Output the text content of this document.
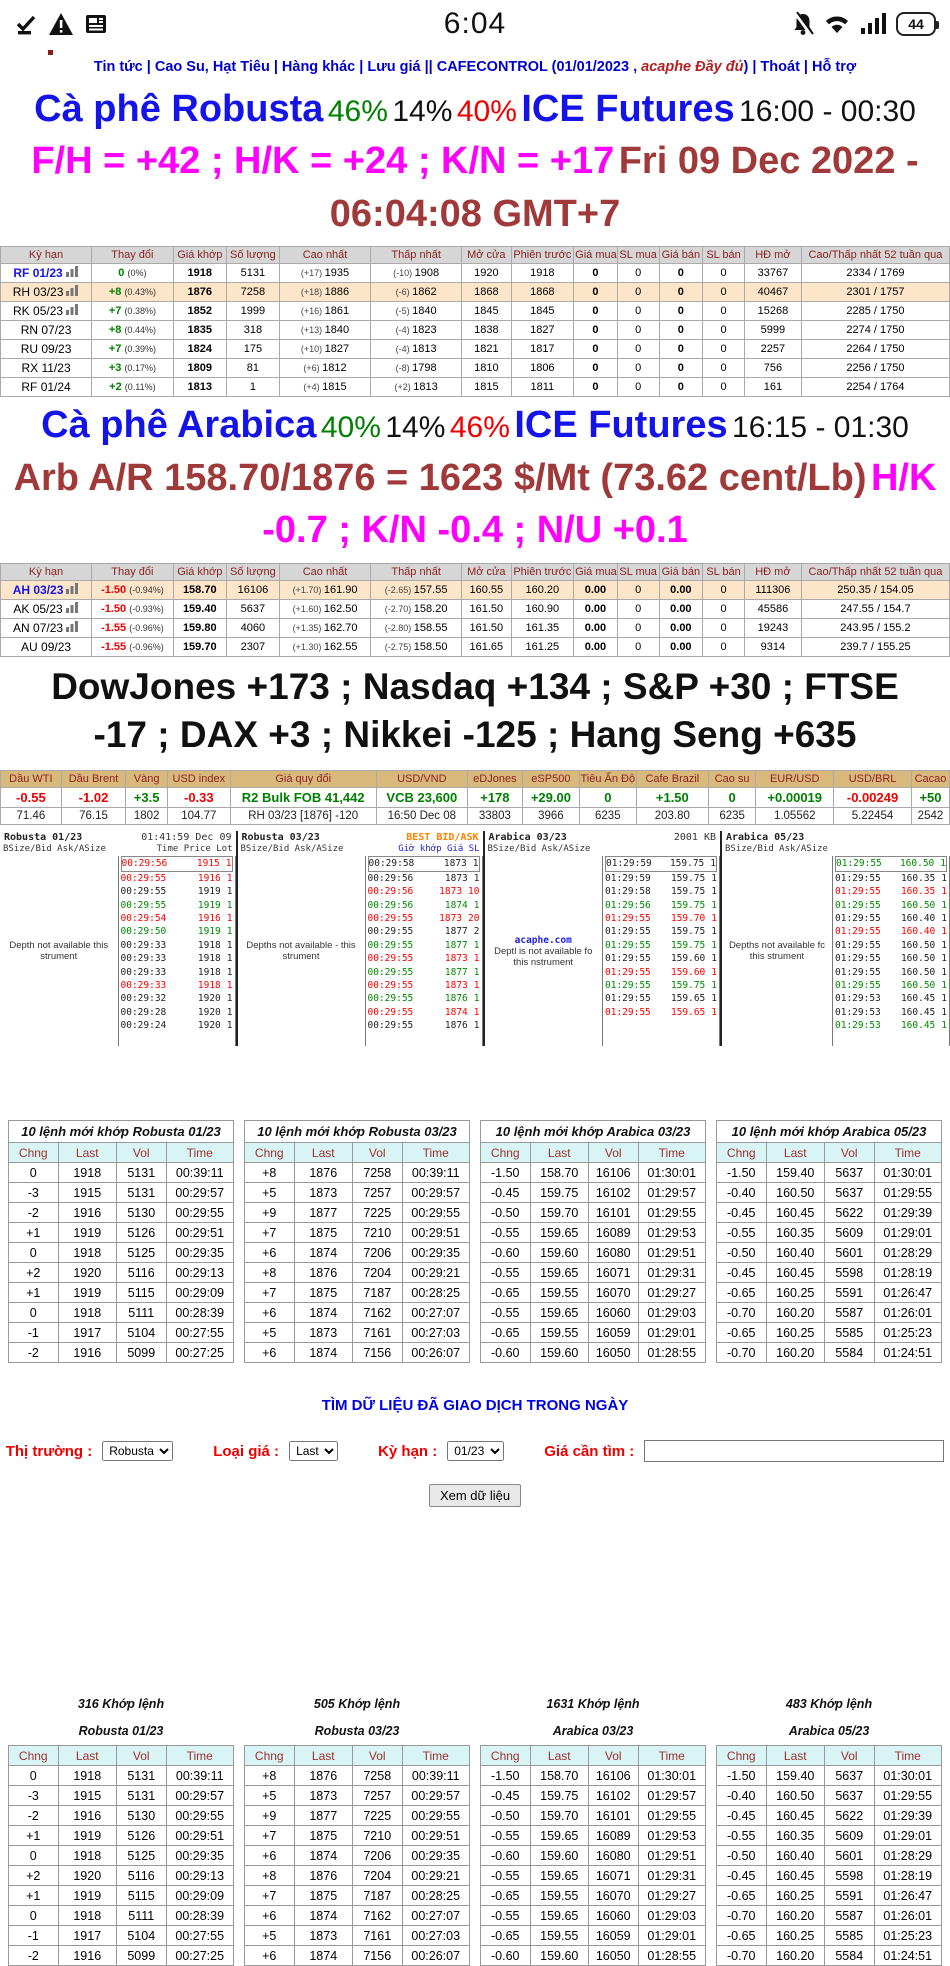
6:04	44
Tin tức | Cao Su, Hạt Tiêu | Hàng khác | Lưu giá || CAFECONTROL (01/01/2023 , acaphe Đầy đủ) | Thoát | Hỗ trợ
Cà phê Robusta 46% 14% 40% ICE Futures 16:00 - 00:30 F/H = +42 ; H/K = +24 ; K/N = +17 Fri 09 Dec 2022 - 06:04:08 GMT+7
Kỳ hạn	Thay đổi	Giá khớp	Số lượng	Cao nhất	Thấp nhất	Mở cửa	Phiên trước	Giá mua	SL mua	Giá bán	SL bán	HĐ mở	Cao/Thấp nhất 52 tuần qua
RF 01/23	0 (0%)	1918	5131	(+17) 1935	(-10) 1908	1920	1918	0	0	0	0	33767	2334 / 1769
RH 03/23	+8 (0.43%)	1876	7258	(+18) 1886	(-6) 1862	1868	1868	0	0	0	0	40467	2301 / 1757
RK 05/23	+7 (0.38%)	1852	1999	(+16) 1861	(-5) 1840	1845	1845	0	0	0	0	15268	2285 / 1750
RN 07/23	+8 (0.44%)	1835	318	(+13) 1840	(-4) 1823	1838	1827	0	0	0	0	5999	2274 / 1750
RU 09/23	+7 (0.39%)	1824	175	(+10) 1827	(-4) 1813	1821	1817	0	0	0	0	2257	2264 / 1750
RX 11/23	+3 (0.17%)	1809	81	(+6) 1812	(-8) 1798	1810	1806	0	0	0	0	756	2256 / 1750
RF 01/24	+2 (0.11%)	1813	1	(+4) 1815	(+2) 1813	1815	1811	0	0	0	0	161	2254 / 1764
Cà phê Arabica 40% 14% 46% ICE Futures 16:15 - 01:30 Arb A/R 158.70/1876 = 1623 $/Mt (73.62 cent/Lb) H/K -0.7 ; K/N -0.4 ; N/U +0.1
Kỳ hạn	Thay đổi	Giá khớp	Số lượng	Cao nhất	Thấp nhất	Mở cửa	Phiên trước	Giá mua	SL mua	Giá bán	SL bán	HĐ mở	Cao/Thấp nhất 52 tuần qua
AH 03/23	-1.50 (-0.94%)	158.70	16106	(+1.70) 161.90	(-2.65) 157.55	160.55	160.20	0.00	0	0.00	0	111306	250.35 / 154.05
AK 05/23	-1.50 (-0.93%)	159.40	5637	(+1.60) 162.50	(-2.70) 158.20	161.50	160.90	0.00	0	0.00	0	45586	247.55 / 154.7
AN 07/23	-1.55 (-0.96%)	159.80	4060	(+1.35) 162.70	(-2.80) 158.55	161.50	161.35	0.00	0	0.00	0	19243	243.95 / 155.2
AU 09/23	-1.55 (-0.96%)	159.70	2307	(+1.30) 162.55	(-2.75) 158.50	161.65	161.25	0.00	0	0.00	0	9314	239.7 / 155.25
DowJones +173 ; Nasdaq +134 ; S&P +30 ; FTSE -17 ; DAX +3 ; Nikkei -125 ; Hang Seng +635
Dầu WTI	Dầu Brent	Vàng	USD index	Giá quy đổi	USD/VND	eDJones	eSP500	Tiêu Ấn Độ	Cafe Brazil	Cao su	EUR/USD	USD/BRL	Cacao
-0.55	-1.02	+3.5	-0.33	R2 Bulk FOB 41,442	VCB 23,600	+178	+29.00	0	+1.50	0	+0.00019	-0.00249	+50
71.46	76.15	1802	104.77	RH 03/23 [1876] -120	16:50 Dec 08	33803	3966	6235	203.80	6235	1.05562	5.22454	2542
Robusta 01/23	01:41:59 Dec 09
BSize/Bid Ask/ASize	Time Price Lot
Depth not available this strument
00:29:56	1915 1
00:29:55	1916 1
00:29:55	1919 1
00:29:55	1919 1
00:29:54	1916 1
00:29:50	1919 1
00:29:33	1918 1
00:29:33	1918 1
00:29:33	1918 1
00:29:33	1918 1
00:29:32	1920 1
00:29:28	1920 1
00:29:24	1920 1
Robusta 03/23	BEST BID/ASK
BSize/Bid Ask/ASize	Giờ khớp Giá SL
Depths not available - this strument
00:29:58	1873 1
00:29:56	1873 1
00:29:56	1873 10
00:29:56	1874 1
00:29:55	1873 20
00:29:55	1877 2
00:29:55	1877 1
00:29:55	1873 1
00:29:55	1877 1
00:29:55	1873 1
00:29:55	1876 1
00:29:55	1874 1
00:29:55	1876 1
Arabica 03/23	2001 KB
BSize/Bid Ask/ASize
acaphe.com
Deptl is not available fo this nstrument
01:29:59	159.75 1
01:29:59	159.75 1
01:29:58	159.75 1
01:29:56	159.75 1
01:29:55	159.70 1
01:29:55	159.75 1
01:29:55	159.75 1
01:29:55	159.60 1
01:29:55	159.60 1
01:29:55	159.75 1
01:29:55	159.65 1
01:29:55	159.65 1
Arabica 05/23
BSize/Bid Ask/ASize
Depths not available fc this strument
01:29:55	160.50 1
01:29:55	160.35 1
01:29:55	160.35 1
01:29:55	160.50 1
01:29:55	160.40 1
01:29:55	160.40 1
01:29:55	160.50 1
01:29:55	160.50 1
01:29:55	160.50 1
01:29:55	160.50 1
01:29:53	160.45 1
01:29:53	160.45 1
01:29:53	160.45 1
10 lệnh mới khớp Robusta 01/23
Chng	Last	Vol	Time
0	1918	5131	00:39:11
-3	1915	5131	00:29:57
-2	1916	5130	00:29:55
+1	1919	5126	00:29:51
0	1918	5125	00:29:35
+2	1920	5116	00:29:13
+1	1919	5115	00:29:09
0	1918	5111	00:28:39
-1	1917	5104	00:27:55
-2	1916	5099	00:27:25
10 lệnh mới khớp Robusta 03/23
Chng	Last	Vol	Time
+8	1876	7258	00:39:11
+5	1873	7257	00:29:57
+9	1877	7225	00:29:55
+7	1875	7210	00:29:51
+6	1874	7206	00:29:35
+8	1876	7204	00:29:21
+7	1875	7187	00:28:25
+6	1874	7162	00:27:07
+5	1873	7161	00:27:03
+6	1874	7156	00:26:07
10 lệnh mới khớp Arabica 03/23
Chng	Last	Vol	Time
-1.50	158.70	16106	01:30:01
-0.45	159.75	16102	01:29:57
-0.50	159.70	16101	01:29:55
-0.55	159.65	16089	01:29:53
-0.60	159.60	16080	01:29:51
-0.55	159.65	16071	01:29:31
-0.65	159.55	16070	01:29:27
-0.55	159.65	16060	01:29:03
-0.65	159.55	16059	01:29:01
-0.60	159.60	16050	01:28:55
10 lệnh mới khớp Arabica 05/23
Chng	Last	Vol	Time
-1.50	159.40	5637	01:30:01
-0.40	160.50	5637	01:29:55
-0.45	160.45	5622	01:29:39
-0.55	160.35	5609	01:29:01
-0.50	160.40	5601	01:28:29
-0.45	160.45	5598	01:28:19
-0.65	160.25	5591	01:26:47
-0.70	160.20	5587	01:26:01
-0.65	160.25	5585	01:25:23
-0.70	160.20	5584	01:24:51
TÌM DỮ LIỆU ĐÃ GIAO DỊCH TRONG NGÀY
Thị trường :
Robusta	Loại giá :
Last	Kỳ hạn :
01/23	Giá cần tìm :
Xem dữ liệu
316 Khớp lệnh
Robusta 01/23
Chng	Last	Vol	Time
0	1918	5131	00:39:11
-3	1915	5131	00:29:57
-2	1916	5130	00:29:55
+1	1919	5126	00:29:51
0	1918	5125	00:29:35
+2	1920	5116	00:29:13
+1	1919	5115	00:29:09
0	1918	5111	00:28:39
-1	1917	5104	00:27:55
-2	1916	5099	00:27:25
505 Khớp lệnh
Robusta 03/23
Chng	Last	Vol	Time
+8	1876	7258	00:39:11
+5	1873	7257	00:29:57
+9	1877	7225	00:29:55
+7	1875	7210	00:29:51
+6	1874	7206	00:29:35
+8	1876	7204	00:29:21
+7	1875	7187	00:28:25
+6	1874	7162	00:27:07
+5	1873	7161	00:27:03
+6	1874	7156	00:26:07
1631 Khớp lệnh
Arabica 03/23
Chng	Last	Vol	Time
-1.50	158.70	16106	01:30:01
-0.45	159.75	16102	01:29:57
-0.50	159.70	16101	01:29:55
-0.55	159.65	16089	01:29:53
-0.60	159.60	16080	01:29:51
-0.55	159.65	16071	01:29:31
-0.65	159.55	16070	01:29:27
-0.55	159.65	16060	01:29:03
-0.65	159.55	16059	01:29:01
-0.60	159.60	16050	01:28:55
483 Khớp lệnh
Arabica 05/23
Chng	Last	Vol	Time
-1.50	159.40	5637	01:30:01
-0.40	160.50	5637	01:29:55
-0.45	160.45	5622	01:29:39
-0.55	160.35	5609	01:29:01
-0.50	160.40	5601	01:28:29
-0.45	160.45	5598	01:28:19
-0.65	160.25	5591	01:26:47
-0.70	160.20	5587	01:26:01
-0.65	160.25	5585	01:25:23
-0.70	160.20	5584	01:24:51
